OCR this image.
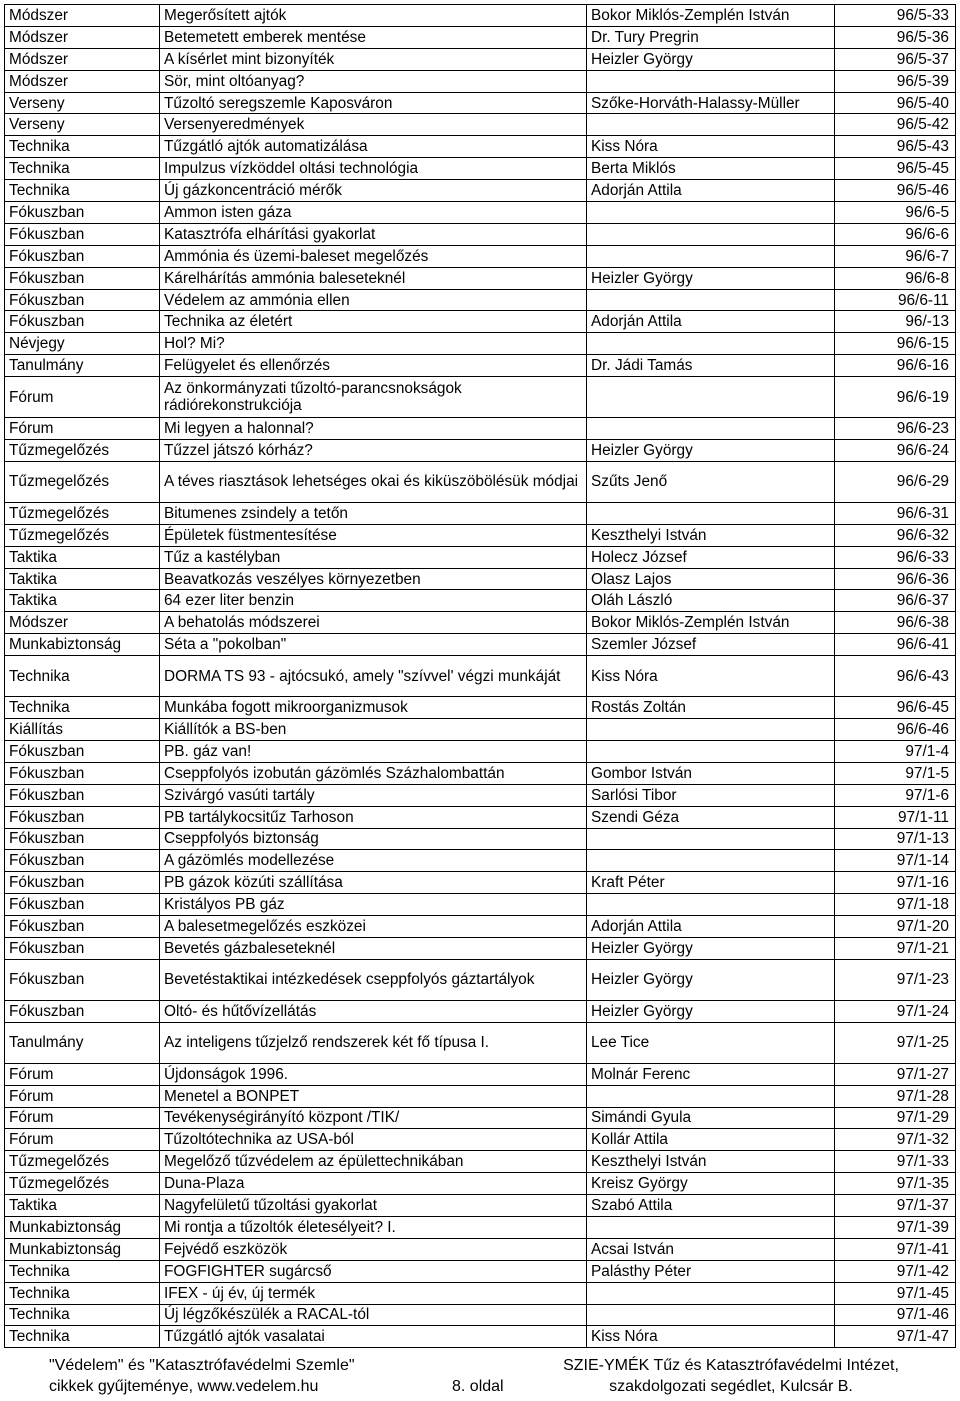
Módszer	Megerősített ajtók	Bokor Miklós-Zemplén István	96/5-33
Módszer	Betemetett emberek mentése	Dr. Tury Pregrin	96/5-36
Módszer	A kísérlet mint bizonyíték	Heizler György	96/5-37
Módszer	Sör, mint oltóanyag?		96/5-39
Verseny	Tűzoltó seregszemle Kaposváron	Szőke-Horváth-Halassy-Müller	96/5-40
Verseny	Versenyeredmények		96/5-42
Technika	Tűzgátló ajtók automatizálása	Kiss Nóra	96/5-43
Technika	Impulzus vízköddel oltási technológia	Berta Miklós	96/5-45
Technika	Új gázkoncentráció mérők	Adorján Attila	96/5-46
Fókuszban	Ammon isten gáza		96/6-5
Fókuszban	Katasztrófa elhárítási gyakorlat		96/6-6
Fókuszban	Ammónia és üzemi-baleset megelőzés		96/6-7
Fókuszban	Kárelhárítás ammónia baleseteknél	Heizler György	96/6-8
Fókuszban	Védelem az ammónia ellen		96/6-11
Fókuszban	Technika az életért	Adorján Attila	96/-13
Névjegy	Hol? Mi?		96/6-15
Tanulmány	Felügyelet és ellenőrzés	Dr. Jádi Tamás	96/6-16
Fórum	Az önkormányzati tűzoltó-parancsnokságok rádiórekonstrukciója		96/6-19
Fórum	Mi legyen a halonnal?		96/6-23
Tűzmegelőzés	Tűzzel játszó kórház?	Heizler György	96/6-24
Tűzmegelőzés	A téves riasztások lehetséges okai és kiküszöbölésük módjai	Szűts Jenő	96/6-29
Tűzmegelőzés	Bitumenes zsindely a tetőn		96/6-31
Tűzmegelőzés	Épületek füstmentesítése	Keszthelyi István	96/6-32
Taktika	Tűz a kastélyban	Holecz József	96/6-33
Taktika	Beavatkozás veszélyes környezetben	Olasz Lajos	96/6-36
Taktika	64 ezer liter benzin	Oláh László	96/6-37
Módszer	A behatolás módszerei	Bokor Miklós-Zemplén István	96/6-38
Munkabiztonság	Séta a "pokolban"	Szemler József	96/6-41
Technika	DORMA TS 93 - ajtócsukó, amely "szívvel' végzi munkáját	Kiss Nóra	96/6-43
Technika	Munkába fogott mikroorganizmusok	Rostás Zoltán	96/6-45
Kiállítás	Kiállítók a BS-ben		96/6-46
Fókuszban	PB. gáz van!		97/1-4
Fókuszban	Cseppfolyós izobután gázömlés Százhalombattán	Gombor István	97/1-5
Fókuszban	Szivárgó vasúti tartály	Sarlósi Tibor	97/1-6
Fókuszban	PB tartálykocsitűz Tarhoson	Szendi Géza	97/1-11
Fókuszban	Cseppfolyós biztonság		97/1-13
Fókuszban	A gázömlés modellezése		97/1-14
Fókuszban	PB gázok közúti szállítása	Kraft Péter	97/1-16
Fókuszban	Kristályos PB gáz		97/1-18
Fókuszban	A balesetmegelőzés eszközei	Adorján Attila	97/1-20
Fókuszban	Bevetés gázbaleseteknél	Heizler György	97/1-21
Fókuszban	Bevetéstaktikai intézkedések cseppfolyós gáztartályok	Heizler György	97/1-23
Fókuszban	Oltó- és hűtővízellátás	Heizler György	97/1-24
Tanulmány	Az inteligens tűzjelző rendszerek két fő típusa I.	Lee Tice	97/1-25
Fórum	Újdonságok 1996.	Molnár Ferenc	97/1-27
Fórum	Menetel a BONPET		97/1-28
Fórum	Tevékenységirányító központ /TIK/	Simándi Gyula	97/1-29
Fórum	Tűzoltótechnika az USA-ból	Kollár Attila	97/1-32
Tűzmegelőzés	Megelőző tűzvédelem az épülettechnikában	Keszthelyi István	97/1-33
Tűzmegelőzés	Duna-Plaza	Kreisz György	97/1-35
Taktika	Nagyfelületű tűzoltási gyakorlat	Szabó Attila	97/1-37
Munkabiztonság	Mi rontja a tűzoltók életesélyeit? I.		97/1-39
Munkabiztonság	Fejvédő eszközök	Acsai István	97/1-41
Technika	FOGFIGHTER sugárcső	Palásthy Péter	97/1-42
Technika	IFEX - új év, új termék		97/1-45
Technika	Új légzőkészülék a RACAL-tól		97/1-46
Technika	Tűzgátló ajtók vasalatai	Kiss Nóra	97/1-47
"Védelem" és "Katasztrófavédelmi Szemle"
cikkek gyűjteménye, www.vedelem.hu	8. oldal
SZIE-YMÉK Tűz és Katasztrófavédelmi Intézet,
szakdolgozati segédlet, Kulcsár B.
